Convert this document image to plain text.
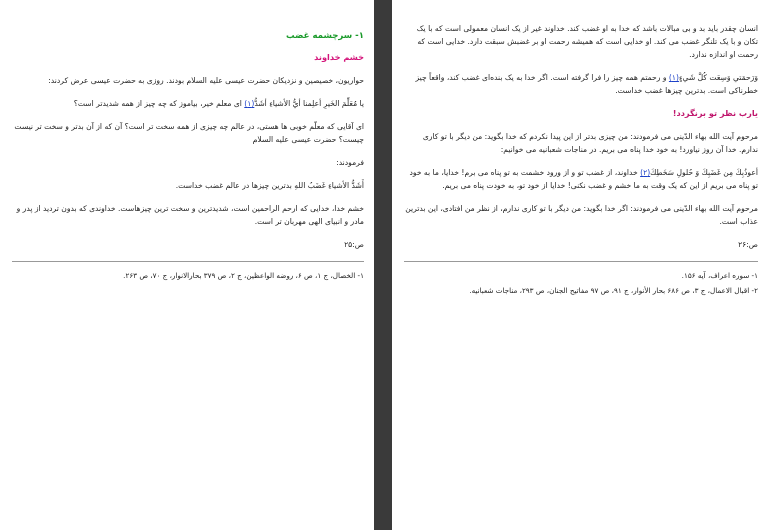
۱- سرچشمه غضب

خشم خداوند

حواریون، خصیصین و نزدیکان حضرت عیسی علیه السلام بودند. روزی به حضرت عیسی عرض کردند:

يا مُعَلِّمَ الخَيرِ أعلِمنا أيُّ الأشياءِ أشَدُّ(۱) ای معلم خیر، بیاموز که چه چیز از همه شدیدتر است؟

ای آقایی که معلّم خوبی ها هستی، در عالم چه چیزی از همه سخت تر است؟ آن که از آن بدتر و سخت تر نیست چیست؟ حضرت عیسی علیه السلام

فرمودند:

أَشَدُّ الأشياءِ غَضَبُ اللهِ بدترین چیزها در عالم غضب خداست.

خشم خدا، خدایی که ارحم الراحمین است، شدیدترین و سخت ترین چیزهاست. خداوندی که بدون تردید از پدر و مادر و انبیای الهی مهربان تر است.

ص:۲۵

۱- الخصال، ج ۱، ص ۶، روضه الواعظین، ج ۲، ص ۳۷۹ بحارالانوار، ج ۷۰، ص ۲۶۳.

انسان چقدر باید بد و بی مبالات باشد که خدا به او غضب کند. خداوند غیر از یک انسان معمولی است که با یک تکان و با یک تلنگر غضب می کند. او خدایی است که همیشه رحمت او بر غضبش سبقت دارد. خدایی است که رحمت او اندازه ندارد.

وَرَحمَتي وَسِعَت كُلَّ شَيءٍ(۱) و رحمتم همه چیز را فرا گرفته است. اگر خدا به یک بنده‌ای غضب کند، واقعاً چیز خطرناکی است. بدترین چیزها غضب خداست.

یارب نظر تو برنگردد!

مرحوم آیت الله بهاء الدّینی می فرمودند: من چیزی بدتر از این پیدا نکردم که خدا بگوید: من دیگر با تو کاری ندارم. خدا آن روز نیاورد! به خود خدا پناه می بریم. در مناجات شعبانیه می خوانیم:

أعوذُبِكَ مِن غَضَبِكَ وَ حُلولِ سَخَطِكَ(۲) خداوند، از غضب تو و از ورود خشمت به تو پناه می برم! خدایا، ما به خود تو پناه می بریم از این که یک وقت به ما خشم و غضب نکنی! خدایا از خود تو، به خودت پناه می بریم.

مرحوم آیت الله بهاء الدّینی می فرمودند: اگر خدا بگوید: من دیگر با تو کاری ندارم، از نظر من افتادی، این بدترین عذاب است.

ص:۲۶

۱- سوره اعراف، آیه ۱۵۶.

۲- اقبال الاعمال، ج ۳، ص ۶۸۶ بحار الأنوار، ج ۹۱، ص ۹۷ مفاتیح الجنان، ص ۲۹۳، مناجات شعبانیه.
